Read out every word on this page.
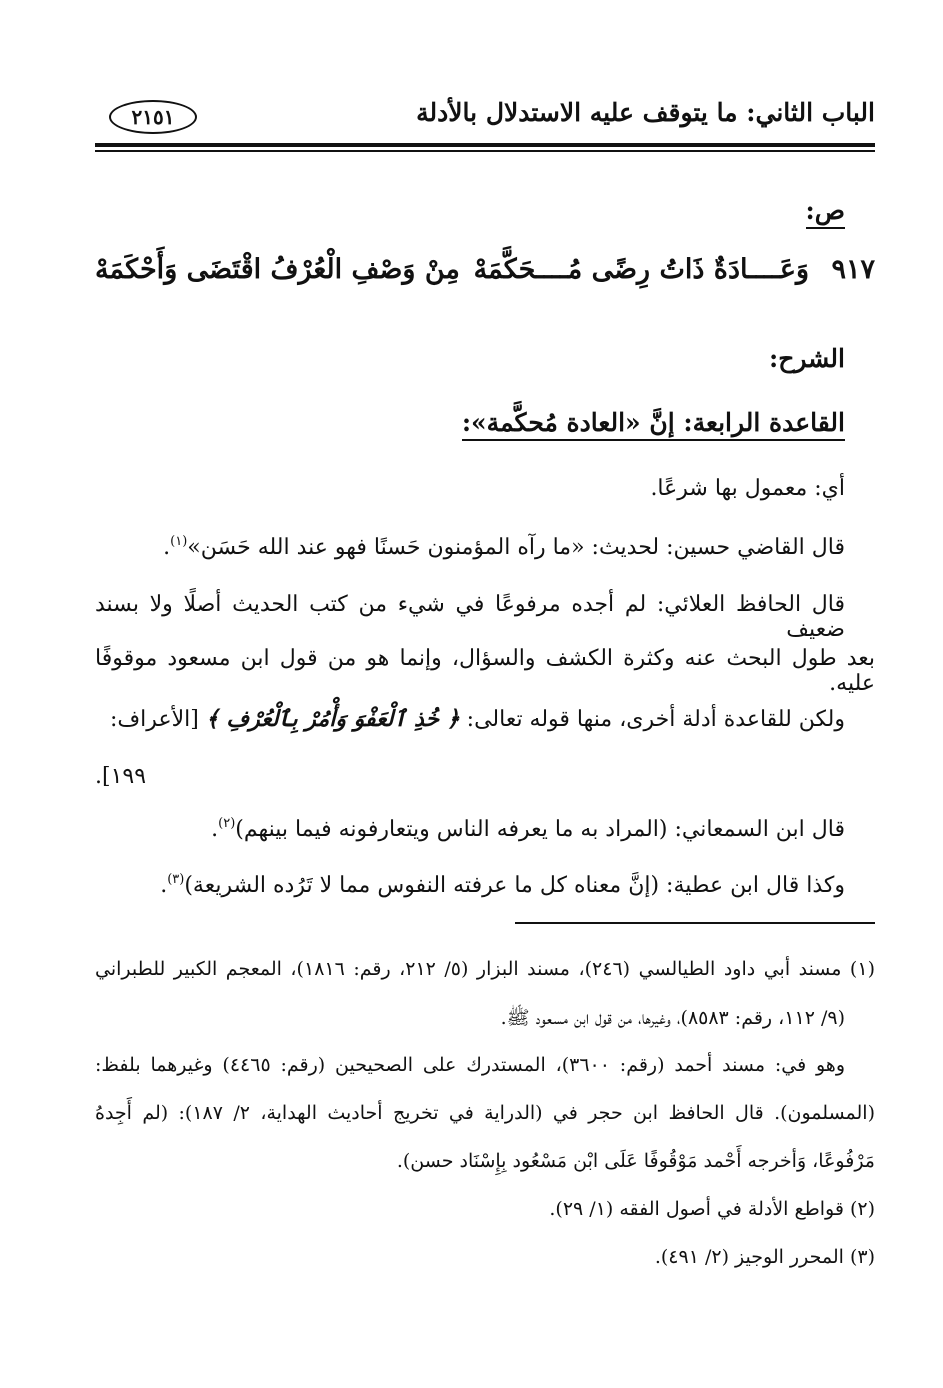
الباب الثاني: ما يتوقف عليه الاستدلال بالأدلة
٢١٥١
ص:
٩١٧
وَعَــــادَةٌ ذَاتُ رِضًى مُــــحَكَّمَهْ
مِنْ وَصْفِ الْعُرْفُ اقْتَضَى وَأَحْكَمَهْ
الشرح:
القاعدة الرابعة: إنَّ «العادة مُحكَّمة»:
أي: معمول بها شرعًا.
قال القاضي حسين: لحديث: «ما رآه المؤمنون حَسنًا فهو عند الله حَسَن»$^{(١)}$.
قال الحافظ العلائي: لم أجده مرفوعًا في شيء من كتب الحديث أصلًا ولا بسند ضعيف
بعد طول البحث عنه وكثرة الكشف والسؤال، وإنما هو من قول ابن مسعود موقوفًا عليه.
ولكن للقاعدة أدلة أخرى، منها قوله تعالى: ﴿ خُذِ ٱلْعَفْوَ وَأْمُرْ بِٱلْعُرْفِ ﴾ [الأعراف:
١٩٩].
قال ابن السمعاني: (المراد به ما يعرفه الناس ويتعارفونه فيما بينهم)$^{(٢)}$.
وكذا قال ابن عطية: (إنَّ معناه كل ما عرفته النفوس مما لا تَرُده الشريعة)$^{(٣)}$.
(١) مسند أبي داود الطيالسي (٢٤٦)، مسند البزار (٥/ ٢١٢، رقم: ١٨١٦)، المعجم الكبير للطبراني
(٩/ ١١٢، رقم: ٨٥٨٣)، وغيرها، من قول ابن مسعود ﷺ.
وهو في: مسند أحمد (رقم: ٣٦٠٠)، المستدرك على الصحيحين (رقم: ٤٤٦٥) وغيرهما بلفظ:
(المسلمون). قال الحافظ ابن حجر في (الدراية في تخريج أحاديث الهداية، ٢/ ١٨٧): (لم أَجِدهُ
مَرْفُوعًا، وَأخرجه أَحْمد مَوْقُوفًا عَلَى ابْن مَسْعُود بِإِسْنَاد حسن).
(٢) قواطع الأدلة في أصول الفقه (١/ ٢٩).
(٣) المحرر الوجيز (٢/ ٤٩١).
